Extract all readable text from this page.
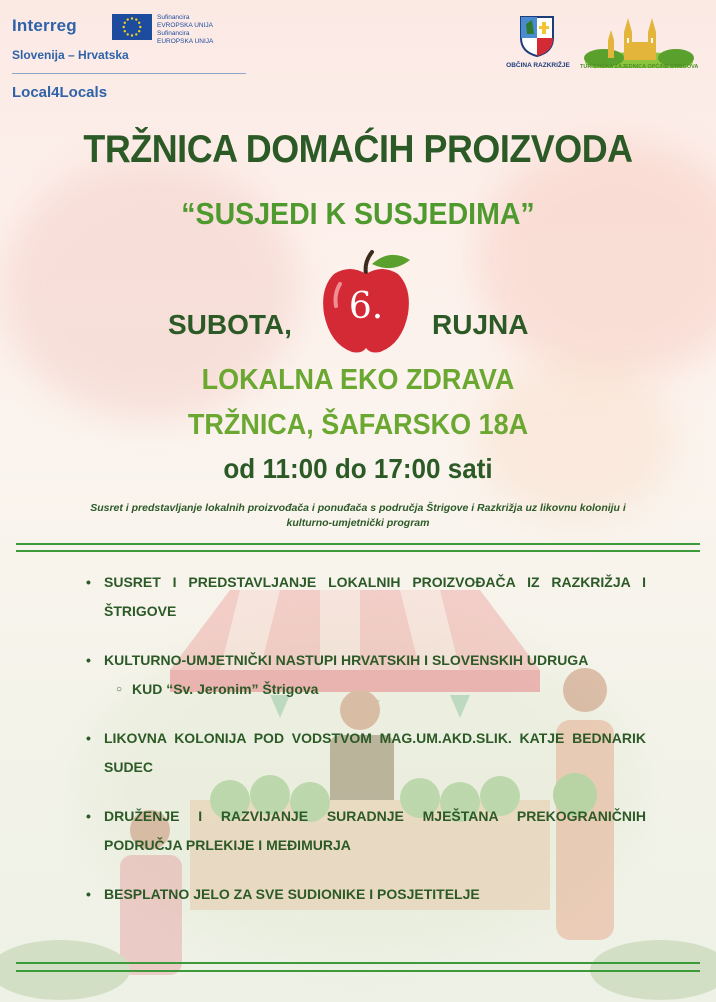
Interreg	Sufinancira
EVROPSKA UNIJA
Sufinancira
EUROPSKA UNIJA
Slovenija – Hrvatska
Local4Locals
OBČINA RAZKRIŽJE TURISTIČKA ZAJEDNICA OPĆINE ŠTRIGOVA
TRŽNICA DOMAĆIH PROIZVODA
“SUSJEDI K SUSJEDIMA”
SUBOTA,	6.	RUJNA
LOKALNA EKO ZDRAVA
TRŽNICA, ŠAFARSKO 18A
od 11:00 do 17:00 sati
Susret i predstavljanje lokalnih proizvođača i ponuđača s područja Štrigove i Razkrižja uz likovnu koloniju i kulturno-umjetnički program
• SUSRET I PREDSTAVLJANJE LOKALNIH PROIZVOĐAČA IZ RAZKRIŽJA I ŠTRIGOVE
• KULTURNO-UMJETNIČKI NASTUPI HRVATSKIH I SLOVENSKIH UDRUGA
○ KUD “Sv. Jeronim” Štrigova
• LIKOVNA KOLONIJA POD VODSTVOM MAG.UM.AKD.SLIK. KATJE BEDNARIK SUDEC
• DRUŽENJE I RAZVIJANJE SURADNJE MJEŠTANA PREKOGRANIČNIH PODRUČJA PRLEKIJE I MEĐIMURJA
• BESPLATNO JELO ZA SVE SUDIONIKE I POSJETITELJE
